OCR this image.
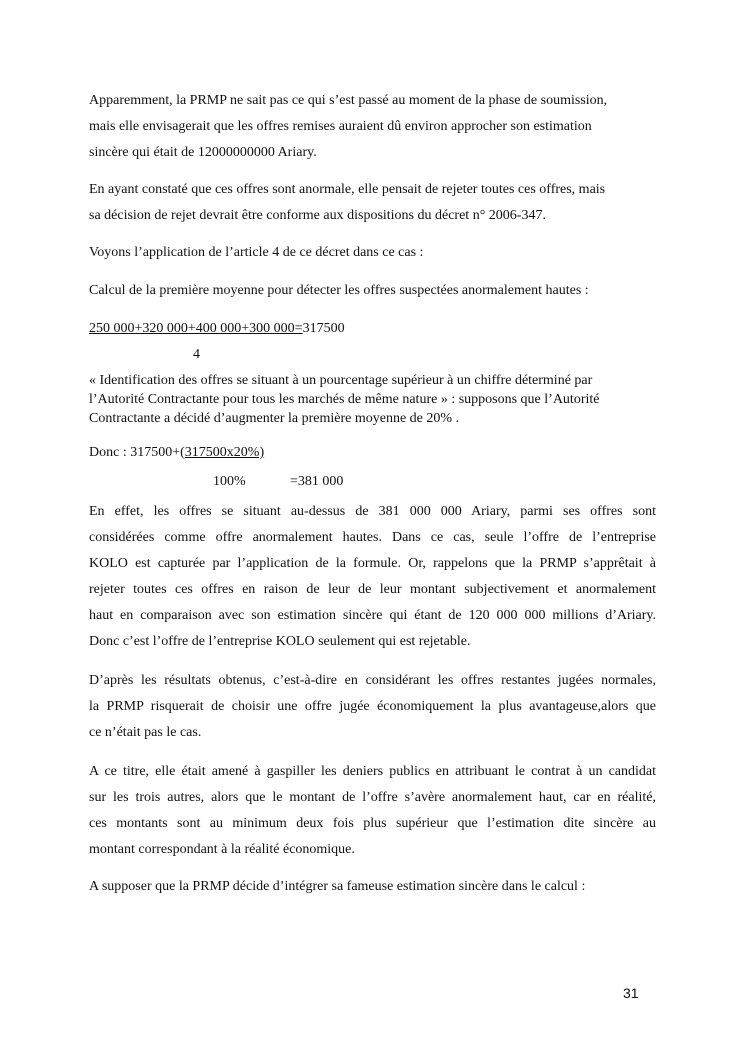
Apparemment, la PRMP ne sait pas ce qui s’est passé au moment de la phase de soumission,
mais elle envisagerait que les offres remises auraient dû environ approcher son estimation
sincère qui était de 12000000000 Ariary.
En ayant constaté que ces offres sont anormale, elle pensait de rejeter toutes ces offres, mais
sa décision de rejet devrait être conforme aux dispositions du décret n° 2006-347.
Voyons l’application de l’article 4 de ce décret dans ce cas :
Calcul de la première moyenne pour détecter les offres suspectées anormalement hautes :
250 000+320 000+400 000+300 000=317500
4
« Identification des offres se situant à un pourcentage supérieur à un chiffre déterminé par
l’Autorité Contractante pour tous les marchés de même nature » : supposons que l’Autorité
Contractante a décidé d’augmenter la première moyenne de 20% .
Donc : 317500+(317500x20%)
100%	=381 000
En effet, les offres se situant au-dessus de 381 000 000 Ariary, parmi ses offres sont
considérées comme offre anormalement hautes. Dans ce cas, seule l’offre de l’entreprise
KOLO est capturée par l’application de la formule. Or, rappelons que la PRMP s’apprêtait à
rejeter toutes ces offres en raison de leur de leur montant subjectivement et anormalement
haut en comparaison avec son estimation sincère qui étant de 120 000 000 millions d’Ariary.
Donc c’est l’offre de l’entreprise KOLO seulement qui est rejetable.
D’après les résultats obtenus, c’est-à-dire en considérant les offres restantes jugées normales,
la PRMP risquerait de choisir une offre jugée économiquement la plus avantageuse,alors que
ce n’était pas le cas.
A ce titre, elle était amené à gaspiller les deniers publics en attribuant le contrat à un candidat
sur les trois autres, alors que le montant de l’offre s’avère anormalement haut, car en réalité,
ces montants sont au minimum deux fois plus supérieur que l’estimation dite sincère au
montant correspondant à la réalité économique.
A supposer que la PRMP décide d’intégrer sa fameuse estimation sincère dans le calcul :
31
